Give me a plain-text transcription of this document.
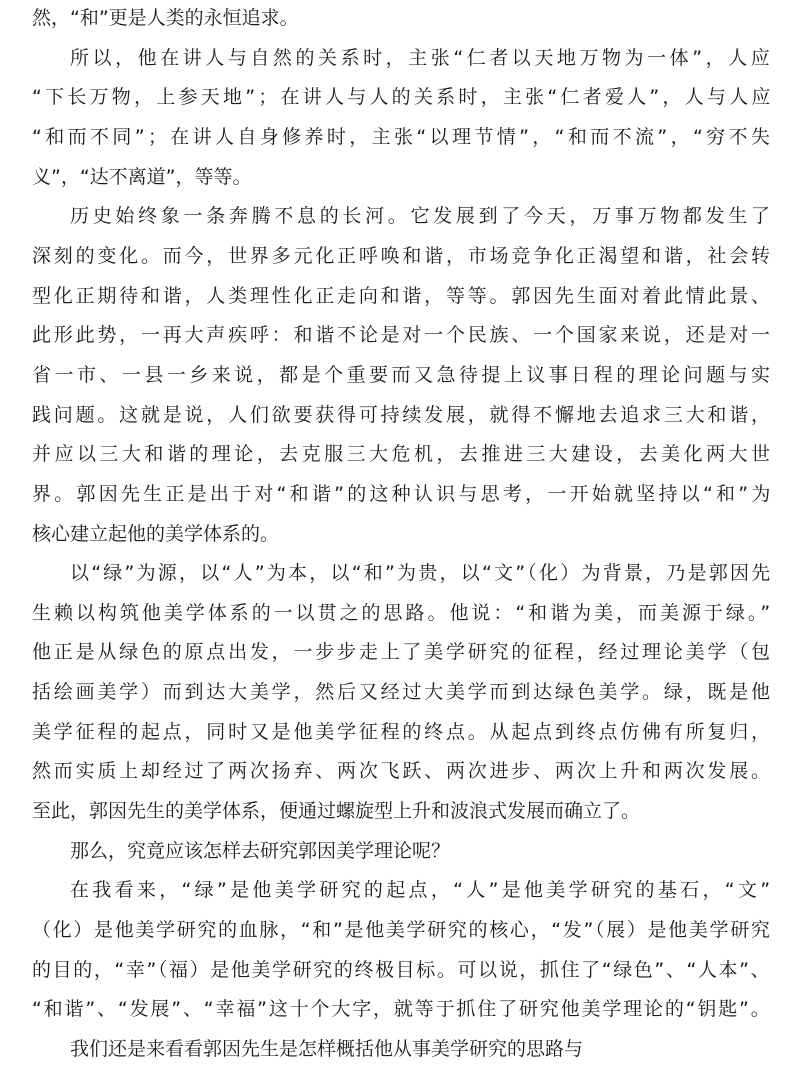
然，“和”更是人类的永恒追求。
所以，他在讲人与自然的关系时，主张“仁者以天地万物为一体”，人应
“下长万物，上参天地”；在讲人与人的关系时，主张“仁者爱人”，人与人应
“和而不同”；在讲人自身修养时，主张“以理节情”，“和而不流”，“穷不失
义”，“达不离道”，等等。
历史始终象一条奔腾不息的长河。它发展到了今天，万事万物都发生了
深刻的变化。而今，世界多元化正呼唤和谐，市场竞争化正渴望和谐，社会转
型化正期待和谐，人类理性化正走向和谐，等等。郭因先生面对着此情此景、
此形此势，一再大声疾呼：和谐不论是对一个民族、一个国家来说，还是对一
省一市、一县一乡来说，都是个重要而又急待提上议事日程的理论问题与实
践问题。这就是说，人们欲要获得可持续发展，就得不懈地去追求三大和谐，
并应以三大和谐的理论，去克服三大危机，去推进三大建设，去美化两大世
界。郭因先生正是出于对“和谐”的这种认识与思考，一开始就坚持以“和”为
核心建立起他的美学体系的。
以“绿”为源，以“人”为本，以“和”为贵，以“文”（化）为背景，乃是郭因先
生赖以构筑他美学体系的一以贯之的思路。他说：“和谐为美，而美源于绿。”
他正是从绿色的原点出发，一步步走上了美学研究的征程，经过理论美学（包
括绘画美学）而到达大美学，然后又经过大美学而到达绿色美学。绿，既是他
美学征程的起点，同时又是他美学征程的终点。从起点到终点仿佛有所复归，
然而实质上却经过了两次扬弃、两次飞跃、两次进步、两次上升和两次发展。
至此，郭因先生的美学体系，便通过螺旋型上升和波浪式发展而确立了。
那么，究竟应该怎样去研究郭因美学理论呢？
在我看来，“绿”是他美学研究的起点，“人”是他美学研究的基石，“文”
（化）是他美学研究的血脉，“和”是他美学研究的核心，“发”（展）是他美学研究
的目的，“幸”（福）是他美学研究的终极目标。可以说，抓住了“绿色”、“人本”、
“和谐”、“发展”、“幸福”这十个大字，就等于抓住了研究他美学理论的“钥匙”。
我们还是来看看郭因先生是怎样概括他从事美学研究的思路与
